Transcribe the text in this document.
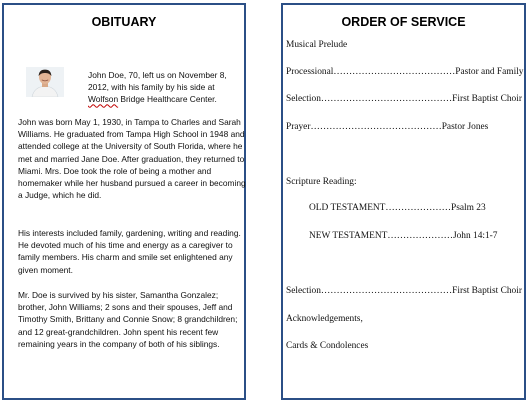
OBITUARY
John Doe, 70, left us on November 8, 2012, with his family by his side at
Wolfson Bridge Healthcare Center.
John was born May 1, 1930, in Tampa to Charles and Sarah Williams. He graduated from Tampa High School in 1948 and attended college at the University of South Florida, where he met and married Jane Doe. After graduation, they returned to Miami. Mrs. Doe took the role of being a mother and homemaker while her husband pursued a career in becoming a Judge, which he did.
His interests included family, gardening, writing and reading. He devoted much of his time and energy as a caregiver to family members. His charm and smile set enlightened any given moment.
Mr. Doe is survived by his sister, Samantha Gonzalez; brother, John Williams; 2 sons and their spouses, Jeff and Timothy Smith, Brittany and Connie Snow; 8 grandchildren; and 12 great-grandchildren. John spent his recent few remaining years in the company of both of his siblings.
ORDER OF SERVICE
Musical Prelude
Processional…………………………………Pastor and Family
Selection……………………………………First Baptist Choir
Prayer……………………………………Pastor Jones
Scripture Reading:
OLD TESTAMENT…………………Psalm 23
NEW TESTAMENT…………………John 14:1-7
Selection……………………………………First Baptist Choir
Acknowledgements,
Cards & Condolences
